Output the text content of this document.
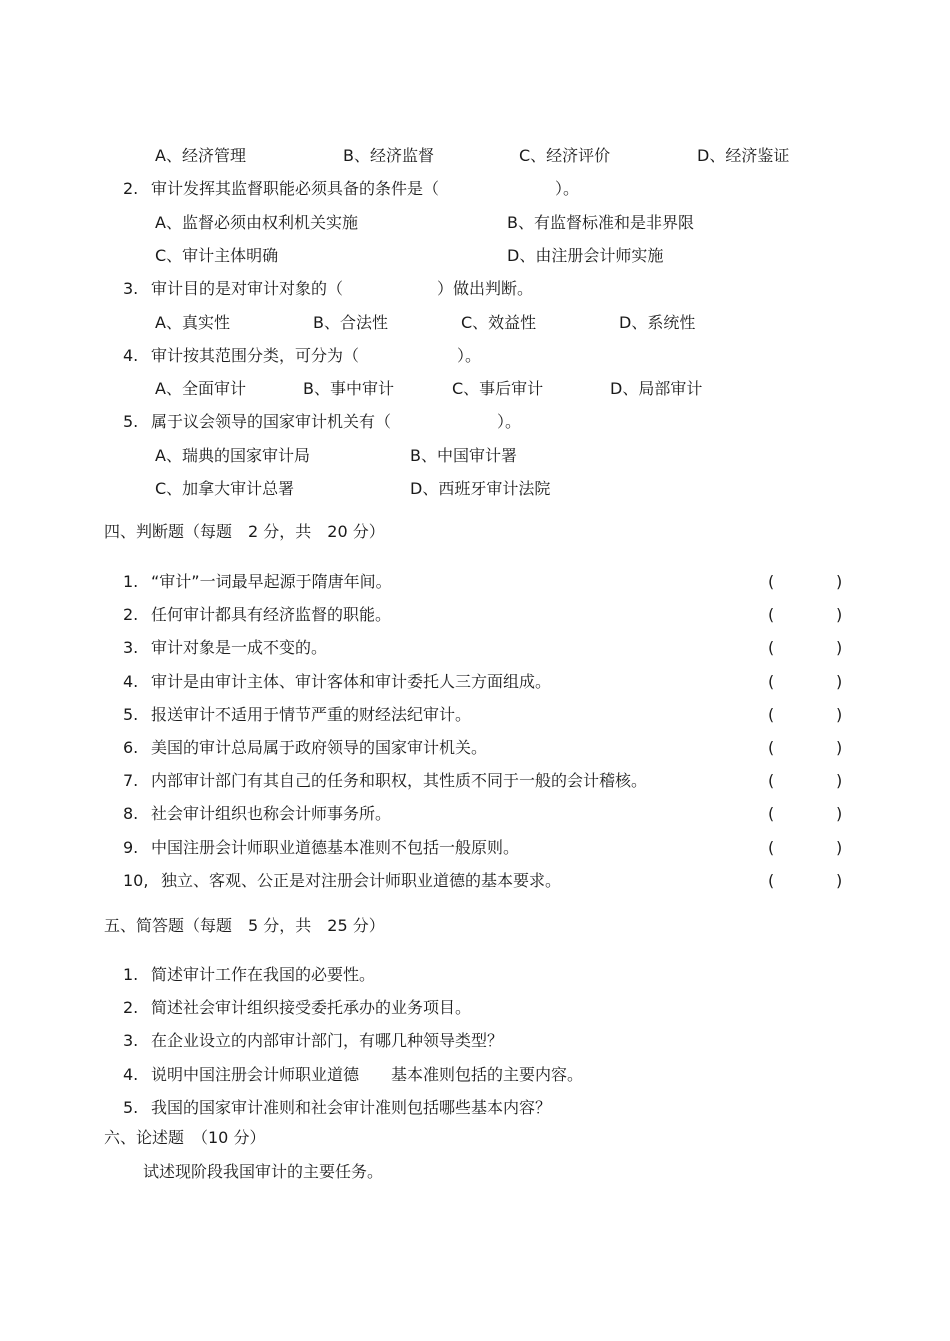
A、经济管理	B、经济监督	C、经济评价	D、经济鉴证
2. 审计发挥其监督职能必须具备的条件是（	）。
A、监督必须由权利机关实施	B、有监督标准和是非界限
C、审计主体明确	D、由注册会计师实施
3. 审计目的是对审计对象的（	）做出判断。
A、真实性	B、合法性	C、效益性	D、系统性
4. 审计按其范围分类，可分为（	）。
A、全面审计	B、事中审计	C、事后审计	D、局部审计
5. 属于议会领导的国家审计机关有（	）。
A、瑞典的国家审计局	B、中国审计署
C、加拿大审计总署	D、西班牙审计法院
四、判断题（每题　2 分，共　20 分）
1. “审计”一词最早起源于隋唐年间。	(	)
2. 任何审计都具有经济监督的职能。	(	)
3. 审计对象是一成不变的。	(	)
4. 审计是由审计主体、审计客体和审计委托人三方面组成。	(	)
5. 报送审计不适用于情节严重的财经法纪审计。	(	)
6. 美国的审计总局属于政府领导的国家审计机关。	(	)
7. 内部审计部门有其自己的任务和职权，其性质不同于一般的会计稽核。	(	)
8. 社会审计组织也称会计师事务所。	(	)
9. 中国注册会计师职业道德基本准则不包括一般原则。	(	)
10, 独立、客观、公正是对注册会计师职业道德的基本要求。	(	)
五、简答题（每题　5 分，共　25 分）
1. 简述审计工作在我国的必要性。
2. 简述社会审计组织接受委托承办的业务项目。
3. 在企业设立的内部审计部门，有哪几种领导类型？
4. 说明中国注册会计师职业道德　　基本准则包括的主要内容。
5. 我国的国家审计准则和社会审计准则包括哪些基本内容？
六、论述题　（10 分）
试述现阶段我国审计的主要任务。
